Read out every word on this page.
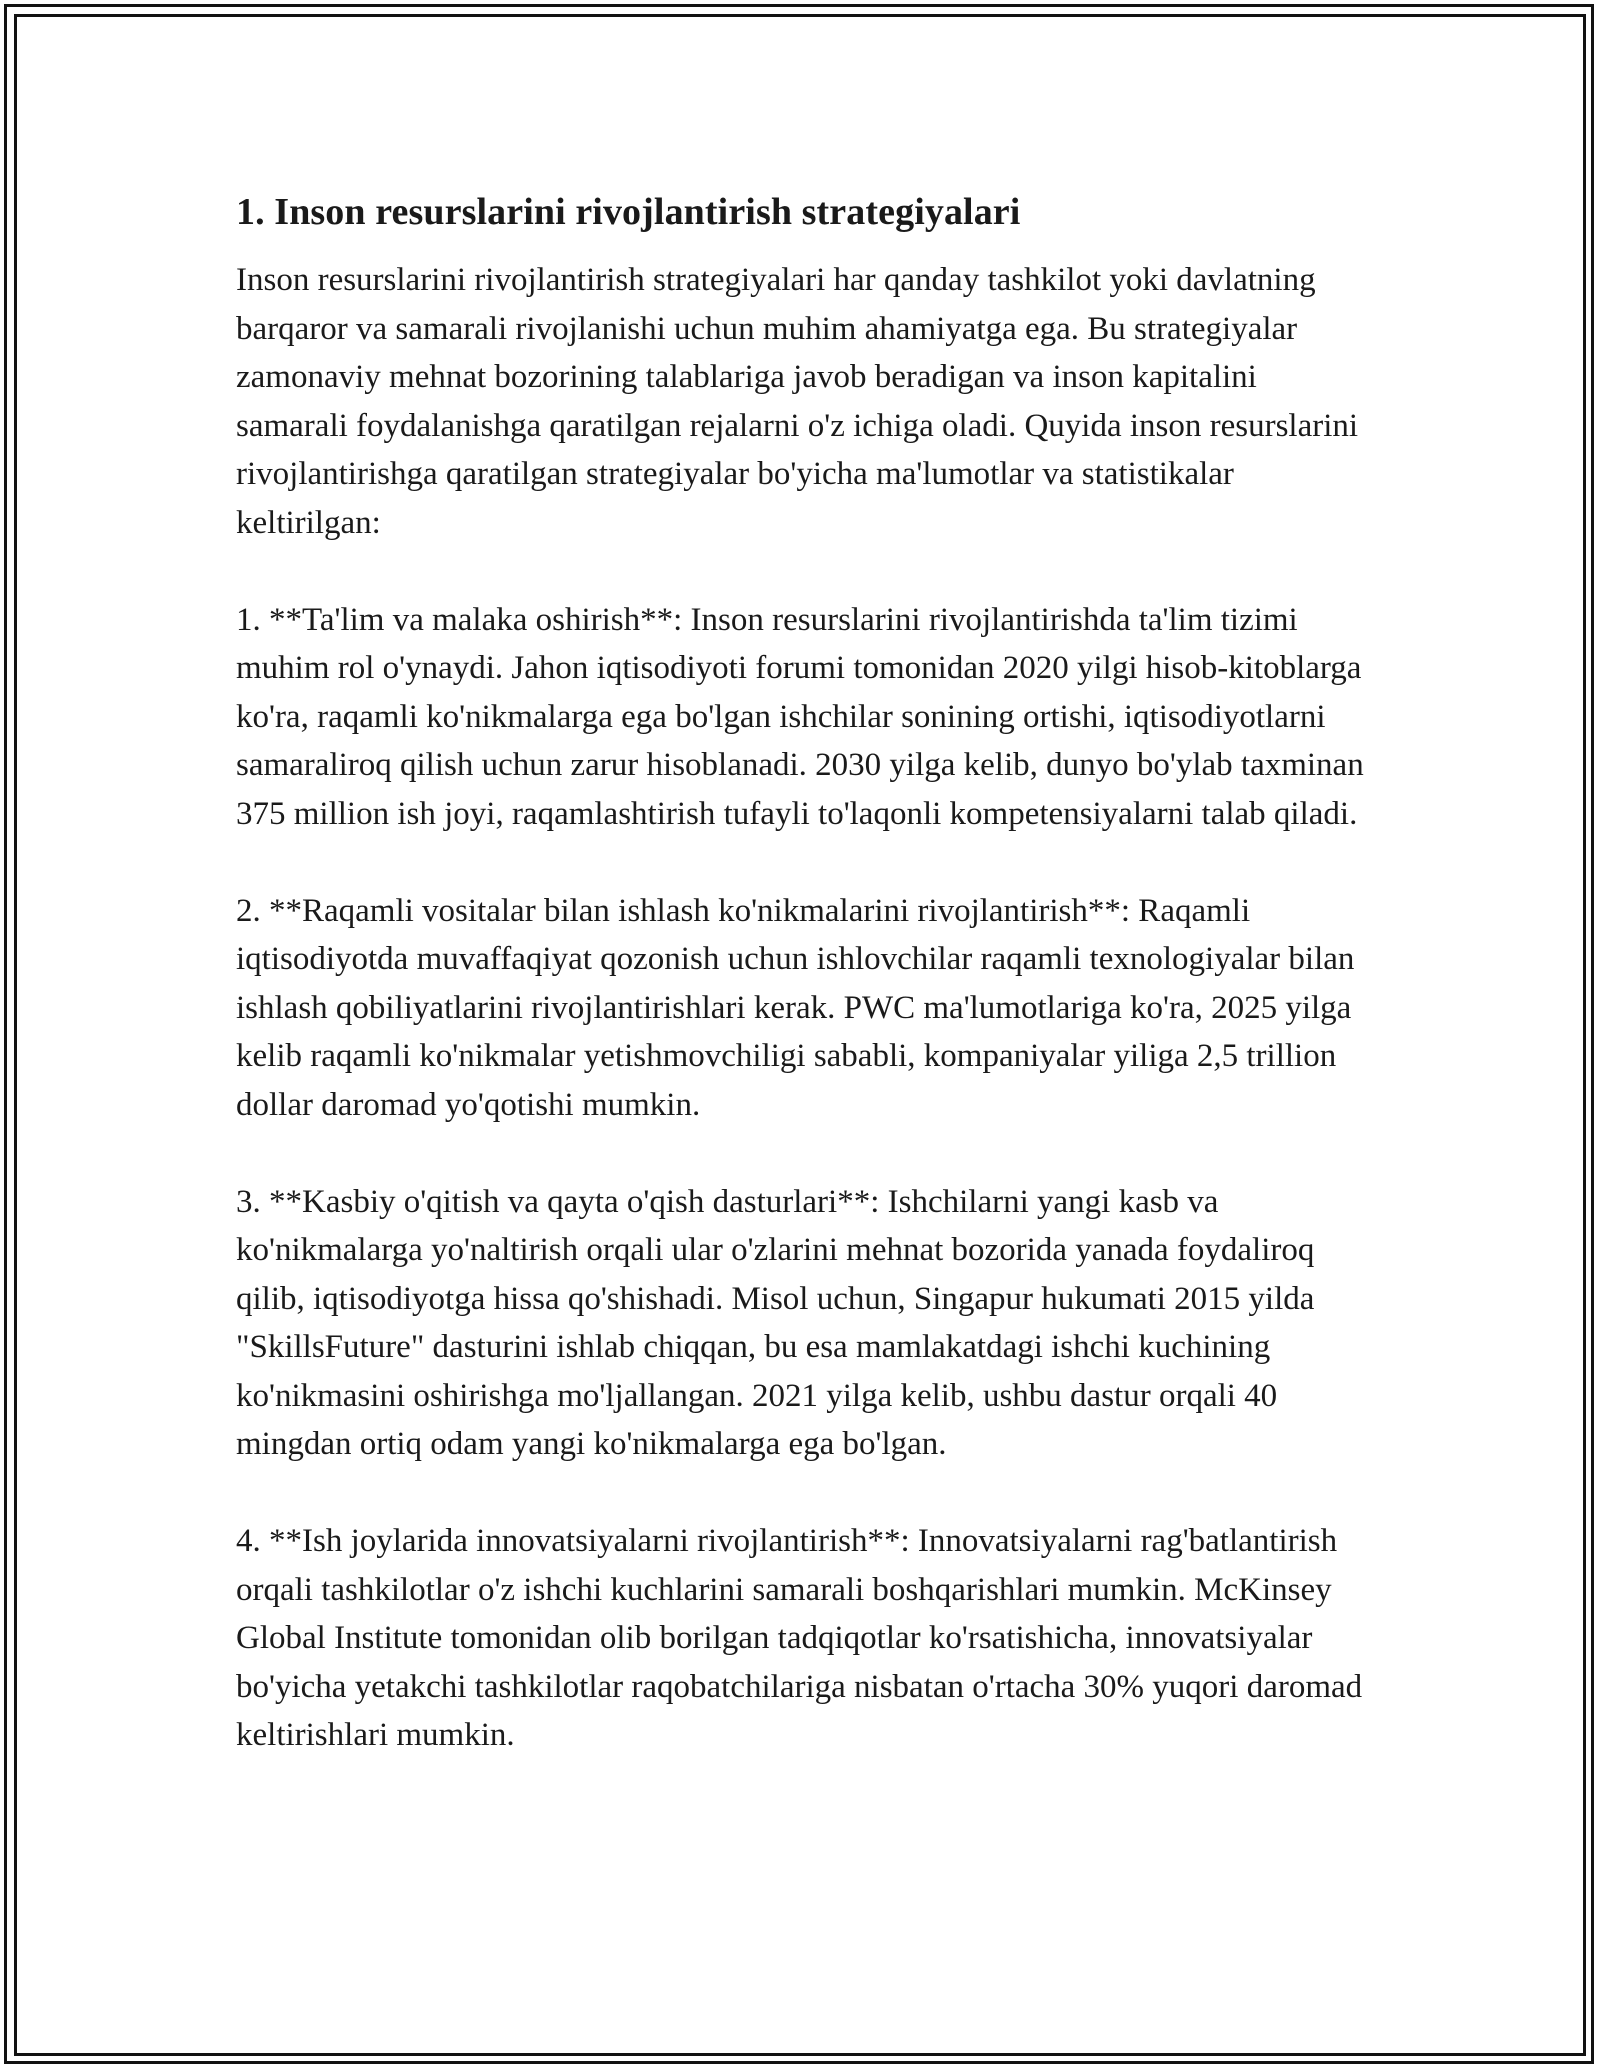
1. Inson resurslarini rivojlantirish strategiyalari

Inson resurslarini rivojlantirish strategiyalari har qanday tashkilot yoki davlatning barqaror va samarali rivojlanishi uchun muhim ahamiyatga ega. Bu strategiyalar zamonaviy mehnat bozorining talablariga javob beradigan va inson kapitalini samarali foydalanishga qaratilgan rejalarni o'z ichiga oladi. Quyida inson resurslarini rivojlantirishga qaratilgan strategiyalar bo'yicha ma'lumotlar va statistikalar keltirilgan:

1. **Ta'lim va malaka oshirish**: Inson resurslarini rivojlantirishda ta'lim tizimi muhim rol o'ynaydi. Jahon iqtisodiyoti forumi tomonidan 2020 yilgi hisob-kitoblarga ko'ra, raqamli ko'nikmalarga ega bo'lgan ishchilar sonining ortishi, iqtisodiyotlarni samaraliroq qilish uchun zarur hisoblanadi. 2030 yilga kelib, dunyo bo'ylab taxminan 375 million ish joyi, raqamlashtirish tufayli to'laqonli kompetensiyalarni talab qiladi.

2. **Raqamli vositalar bilan ishlash ko'nikmalarini rivojlantirish**: Raqamli iqtisodiyotda muvaffaqiyat qozonish uchun ishlovchilar raqamli texnologiyalar bilan ishlash qobiliyatlarini rivojlantirishlari kerak. PWC ma'lumotlariga ko'ra, 2025 yilga kelib raqamli ko'nikmalar yetishmovchiligi sababli, kompaniyalar yiliga 2,5 trillion dollar daromad yo'qotishi mumkin.

3. **Kasbiy o'qitish va qayta o'qish dasturlari**: Ishchilarni yangi kasb va ko'nikmalarga yo'naltirish orqali ular o'zlarini mehnat bozorida yanada foydaliroq qilib, iqtisodiyotga hissa qo'shishadi. Misol uchun, Singapur hukumati 2015 yilda "SkillsFuture" dasturini ishlab chiqqan, bu esa mamlakatdagi ishchi kuchining ko'nikmasini oshirishga mo'ljallangan. 2021 yilga kelib, ushbu dastur orqali 40 mingdan ortiq odam yangi ko'nikmalarga ega bo'lgan.

4. **Ish joylarida innovatsiyalarni rivojlantirish**: Innovatsiyalarni rag'batlantirish orqali tashkilotlar o'z ishchi kuchlarini samarali boshqarishlari mumkin. McKinsey Global Institute tomonidan olib borilgan tadqiqotlar ko'rsatishicha, innovatsiyalar bo'yicha yetakchi tashkilotlar raqobatchilariga nisbatan o'rtacha 30% yuqori daromad keltirishlari mumkin.
